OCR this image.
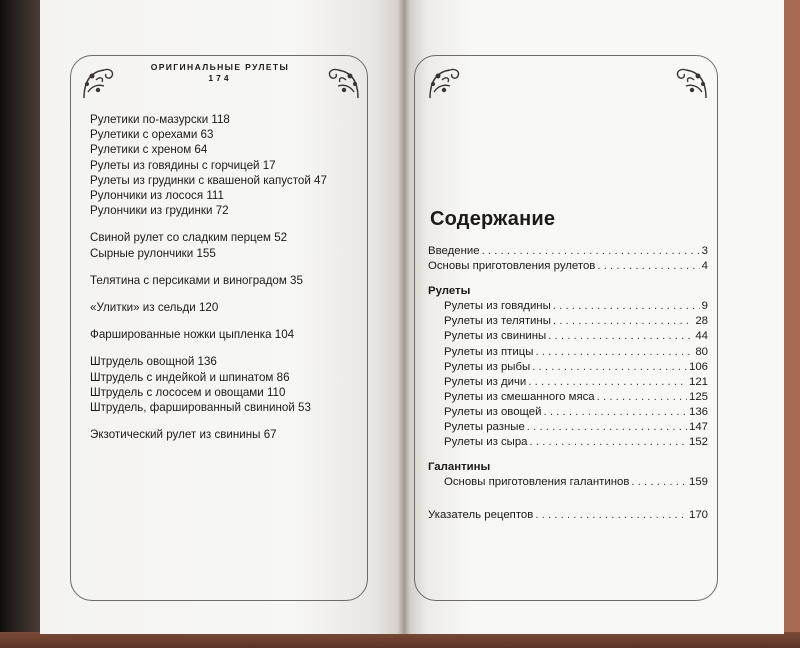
ОРИГИНАЛЬНЫЕ РУЛЕТЫ
174
Рулетики по-мазурски 118
Рулетики с орехами 63
Рулетики с хреном 64
Рулеты из говядины с горчицей 17
Рулеты из грудинки с квашеной капустой 47
Рулончики из лосося 111
Рулончики из грудинки 72
Свиной рулет со сладким перцем 52
Сырные рулончики 155
Телятина с персиками и виноградом 35
«Улитки» из сельди 120
Фаршированные ножки цыпленка 104
Штрудель овощной 136
Штрудель с индейкой и шпинатом 86
Штрудель с лососем и овощами 110
Штрудель, фаршированный свининой 53
Экзотический рулет из свинины 67
Содержание
Введение . . .	3
Основы приготовления рулетов . . .	4
Рулеты
Рулеты из говядины . . .	9
Рулеты из телятины . . .	28
Рулеты из свинины . . .	44
Рулеты из птицы . . .	80
Рулеты из рыбы . . .	106
Рулеты из дичи . . .	121
Рулеты из смешанного мяса . . .	125
Рулеты из овощей . . .	136
Рулеты разные . . .	147
Рулеты из сыра . . .	152
Галантины
Основы приготовления галантинов . . .	159
Указатель рецептов . . .	170
